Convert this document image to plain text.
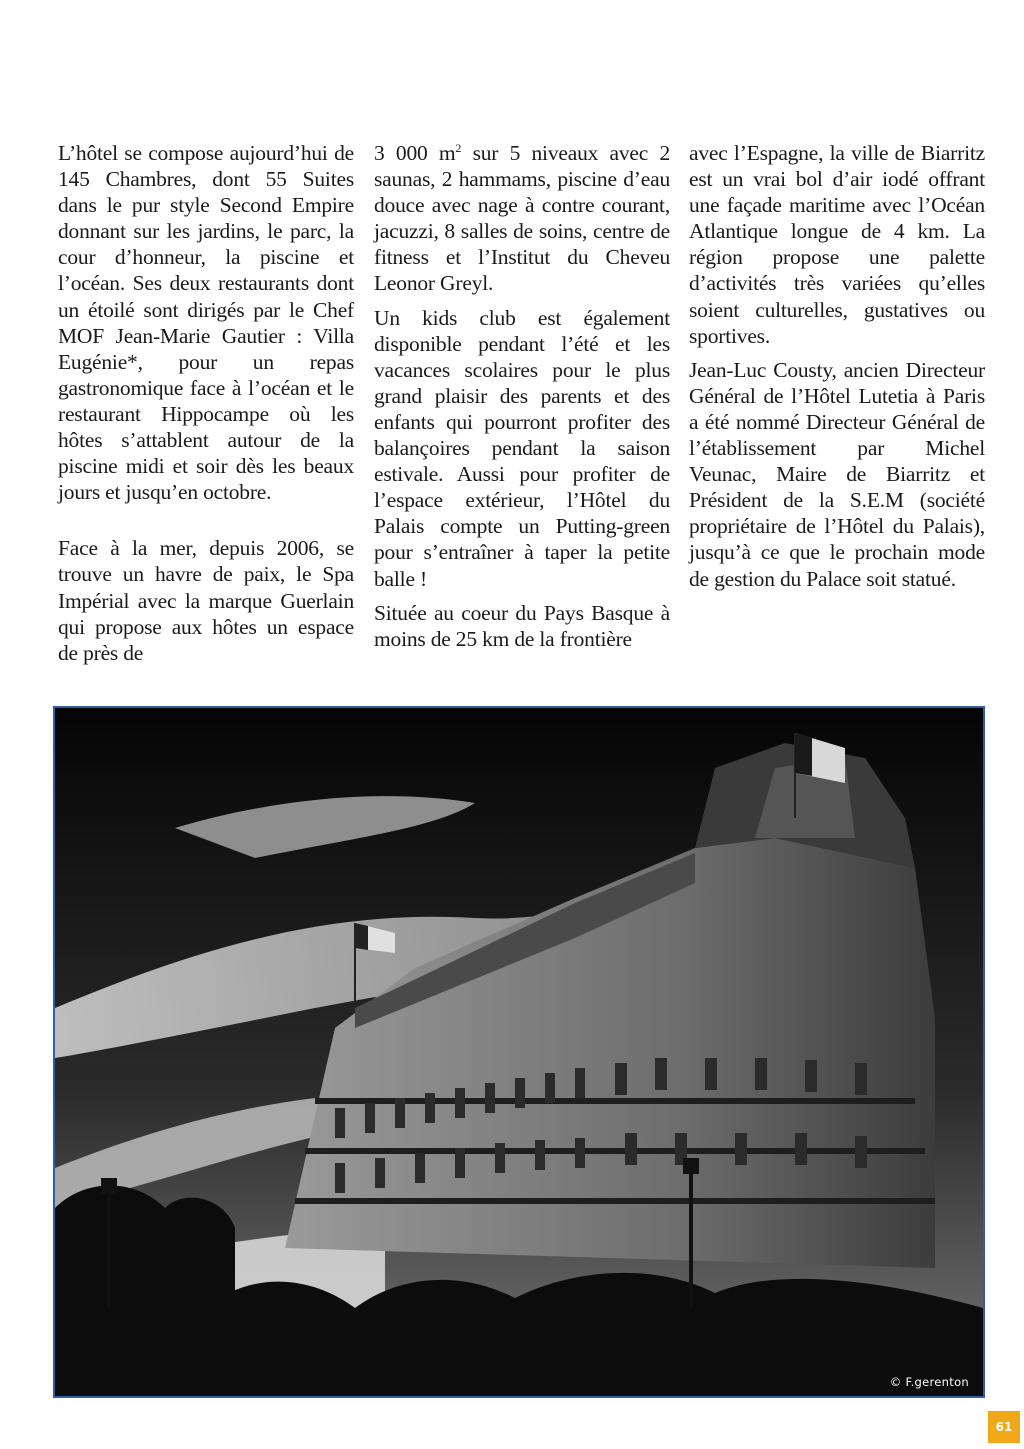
L’hôtel se compose aujourd’hui de 145 Chambres, dont 55 Suites dans le pur style Second Empire donnant sur les jardins, le parc, la cour d’honneur, la piscine et l’océan. Ses deux restaurants dont un étoilé sont dirigés par le Chef MOF Jean-Marie Gautier : Villa Eugénie*, pour un repas gastronomique face à l’océan et le restaurant Hippocampe où les hôtes s’attablent autour de la piscine midi et soir dès les beaux jours et jusqu’en octobre.

Face à la mer, depuis 2006, se trouve un havre de paix, le Spa Impérial avec la marque Guerlain qui propose aux hôtes un espace de près de

3 000 $m^2$ sur 5 niveaux avec 2 saunas, 2 hammams, piscine d’eau douce avec nage à contre courant, jacuzzi, 8 salles de soins, centre de fitness et l’Institut du Cheveu Leonor Greyl.

Un kids club est également disponible pendant l’été et les vacances scolaires pour le plus grand plaisir des parents et des enfants qui pourront profiter des balançoires pendant la saison estivale. Aussi pour profiter de l’espace extérieur, l’Hôtel du Palais compte un Putting-green pour s’entraîner à taper la petite balle !

Située au coeur du Pays Basque à moins de 25 km de la frontière

avec l’Espagne, la ville de Biarritz est un vrai bol d’air iodé offrant une façade maritime avec l’Océan Atlantique longue de 4 km. La région propose une palette d’activités très variées qu’elles soient culturelles, gustatives ou sportives.

Jean-Luc Cousty, ancien Directeur Général de l’Hôtel Lutetia à Paris a été nommé Directeur Général de l’établissement par Michel Veunac, Maire de Biarritz et Président de la S.E.M (société propriétaire de l’Hôtel du Palais), jusqu’à ce que le prochain mode de gestion du Palace soit statué.

© F.gerenton
61
